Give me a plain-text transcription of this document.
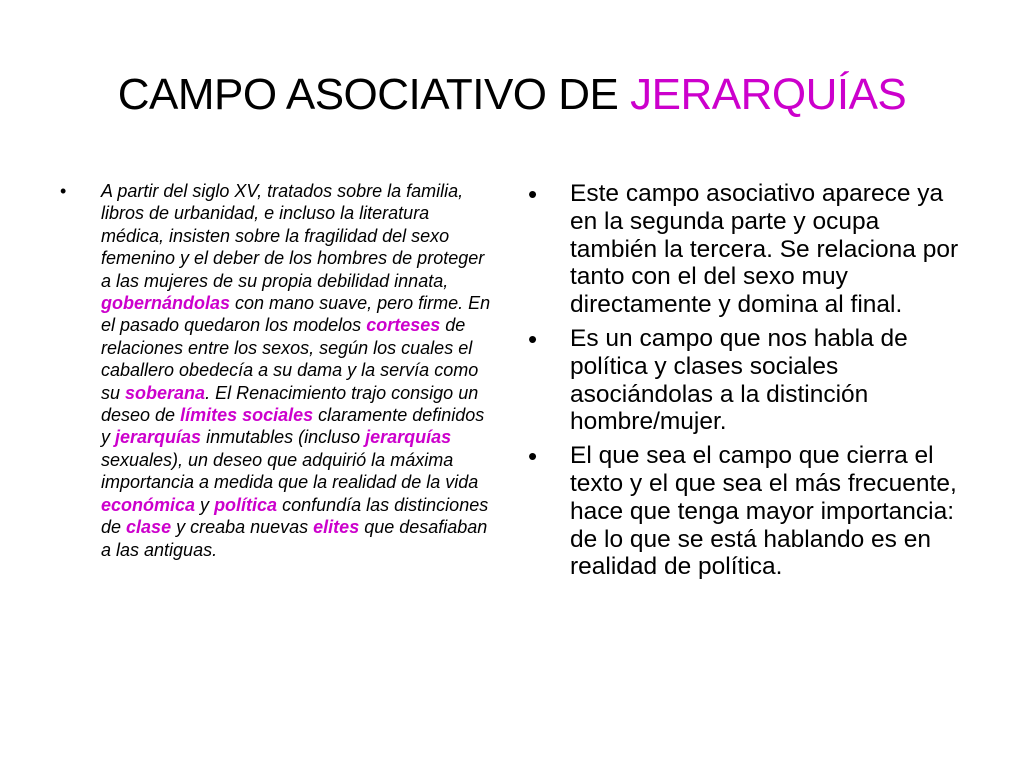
CAMPO ASOCIATIVO DE JERARQUÍAS
•	A partir del siglo XV, tratados sobre la familia, libros de urbanidad, e incluso la literatura médica, insisten sobre la fragilidad del sexo femenino y el deber de los hombres de proteger a las mujeres de su propia debilidad innata, gobernándolas con mano suave, pero firme. En el pasado quedaron los modelos corteses de relaciones entre los sexos, según los cuales el caballero obedecía a su dama y la servía como su soberana. El Renacimiento trajo consigo un deseo de límites sociales claramente definidos y jerarquías inmutables (incluso jerarquías sexuales), un deseo que adquirió la máxima importancia a medida que la realidad de la vida económica y política confundía las distinciones de clase y creaba nuevas elites que desafiaban a las antiguas.
•	Este campo asociativo aparece ya en la segunda parte y ocupa también la tercera. Se relaciona por tanto con el del sexo muy directamente y domina al final.
•	Es un campo que nos habla de política y clases sociales asociándolas a la distinción hombre/mujer.
•	El que sea el campo que cierra el texto y el que sea el más frecuente, hace que tenga mayor importancia: de lo que se está hablando es en realidad de política.
